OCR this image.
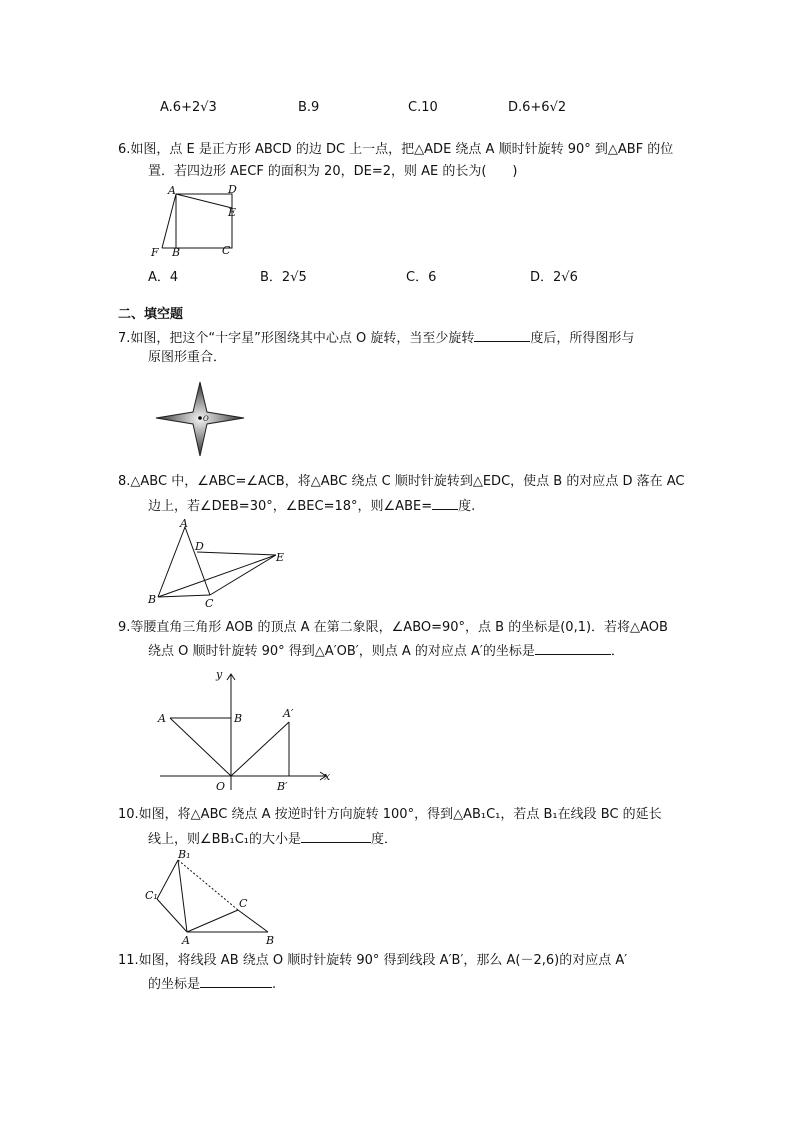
A.6+2√3	B.9	C.10	D.6+6√2
6.如图，点 E 是正方形 ABCD 的边 DC 上一点，把△ADE 绕点 A 顺时针旋转 90° 到△ABF 的位
置．若四边形 AECF 的面积为 20，DE=2，则 AE 的长为(　　)
A	D
E
F B	C
A．4	B．2√5	C．6	D．2√6
二、填空题
7.如图，把这个“十字星”形图绕其中心点 O 旋转，当至少旋转	度后，所得图形与
原图形重合．
O
8.△ABC 中，∠ABC=∠ACB，将△ABC 绕点 C 顺时针旋转到△EDC，使点 B 的对应点 D 落在 AC
边上，若∠DEB=30°，∠BEC=18°，则∠ABE= 度.
A
D
E
B	C
9.等腰直角三角形 AOB 的顶点 A 在第二象限，∠ABO=90°，点 B 的坐标是(0,1)．若将△AOB
绕点 O 顺时针旋转 90° 得到△A′OB′，则点 A 的对应点 A′的坐标是	．
y
A	B	A′
O	B′
x
10.如图，将△ABC 绕点 A 按逆时针方向旋转 100°，得到△AB₁C₁，若点 B₁在线段 BC 的延长
线上，则∠BB₁C₁的大小是	度．
B₁
C₁
C
A	B
11.如图，将线段 AB 绕点 O 顺时针旋转 90° 得到线段 A′B′，那么 A(－2,6)的对应点 A′
的坐标是	.
